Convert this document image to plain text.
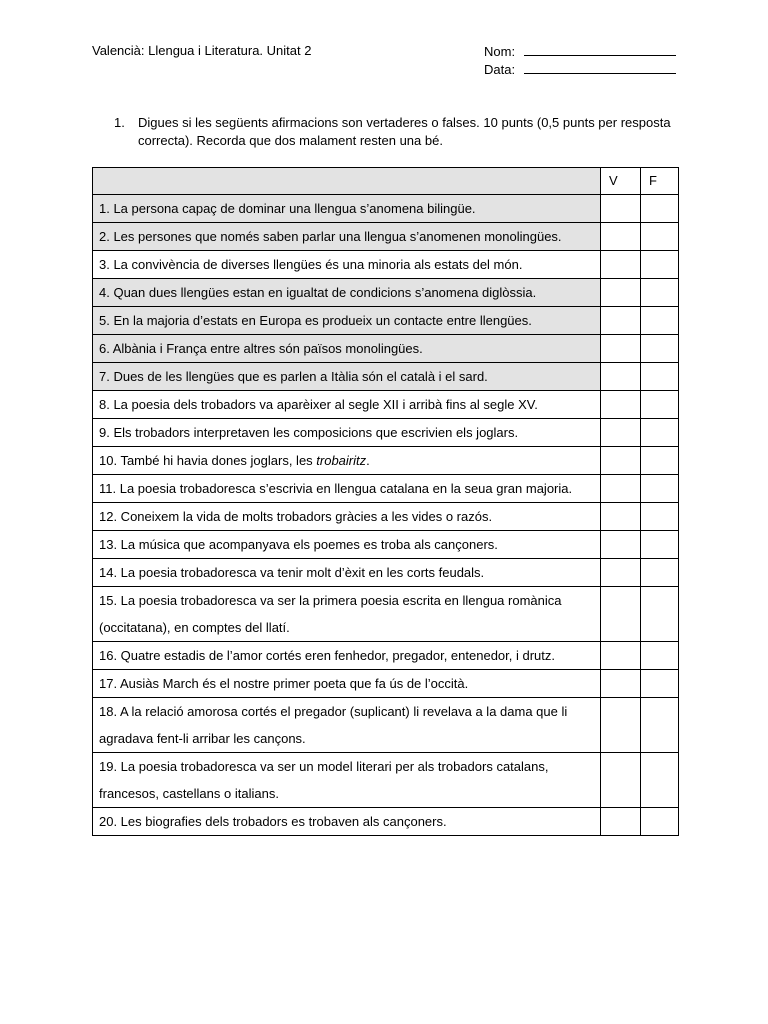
Valencià: Llengua i Literatura. Unitat 2	Nom:
Data:
1.	Digues si les següents afirmacions son vertaderes o falses. 10 punts (0,5 punts per resposta correcta). Recorda que dos malament resten una bé.
	V	F
1. La persona capaç de dominar una llengua s’anomena bilingüe.		
2. Les persones que només saben parlar una llengua s’anomenen monolingües.		
3. La convivència de diverses llengües és una minoria als estats del món.		
4. Quan dues llengües estan en igualtat de condicions s’anomena diglòssia.		
5. En la majoria d’estats en Europa es produeix un contacte entre llengües.		
6. Albània i França entre altres són països monolingües.		
7. Dues de les llengües que es parlen a Itàlia són el català i el sard.		
8. La poesia dels trobadors va aparèixer al segle XII i arribà fins al segle XV.		
9. Els trobadors interpretaven les composicions que escrivien els joglars.		
10. També hi havia dones joglars, les trobairitz.		
11. La poesia trobadoresca s’escrivia en llengua catalana en la seua gran majoria.		
12. Coneixem la vida de molts trobadors gràcies a les vides o razós.		
13. La música que acompanyava els poemes es troba als cançoners.		
14. La poesia trobadoresca va tenir molt d’èxit en les corts feudals.		
15. La poesia trobadoresca va ser la primera poesia escrita en llengua romànica (occitatana), en comptes del llatí.		
16. Quatre estadis de l’amor cortés eren fenhedor, pregador, entenedor, i drutz.		
17. Ausiàs March és el nostre primer poeta que fa ús de l’occità.		
18. A la relació amorosa cortés el pregador (suplicant) li revelava a la dama que li agradava fent-li arribar les cançons.		
19. La poesia trobadoresca va ser un model literari per als trobadors catalans, francesos, castellans o italians.		
20. Les biografies dels trobadors es trobaven als cançoners.		
